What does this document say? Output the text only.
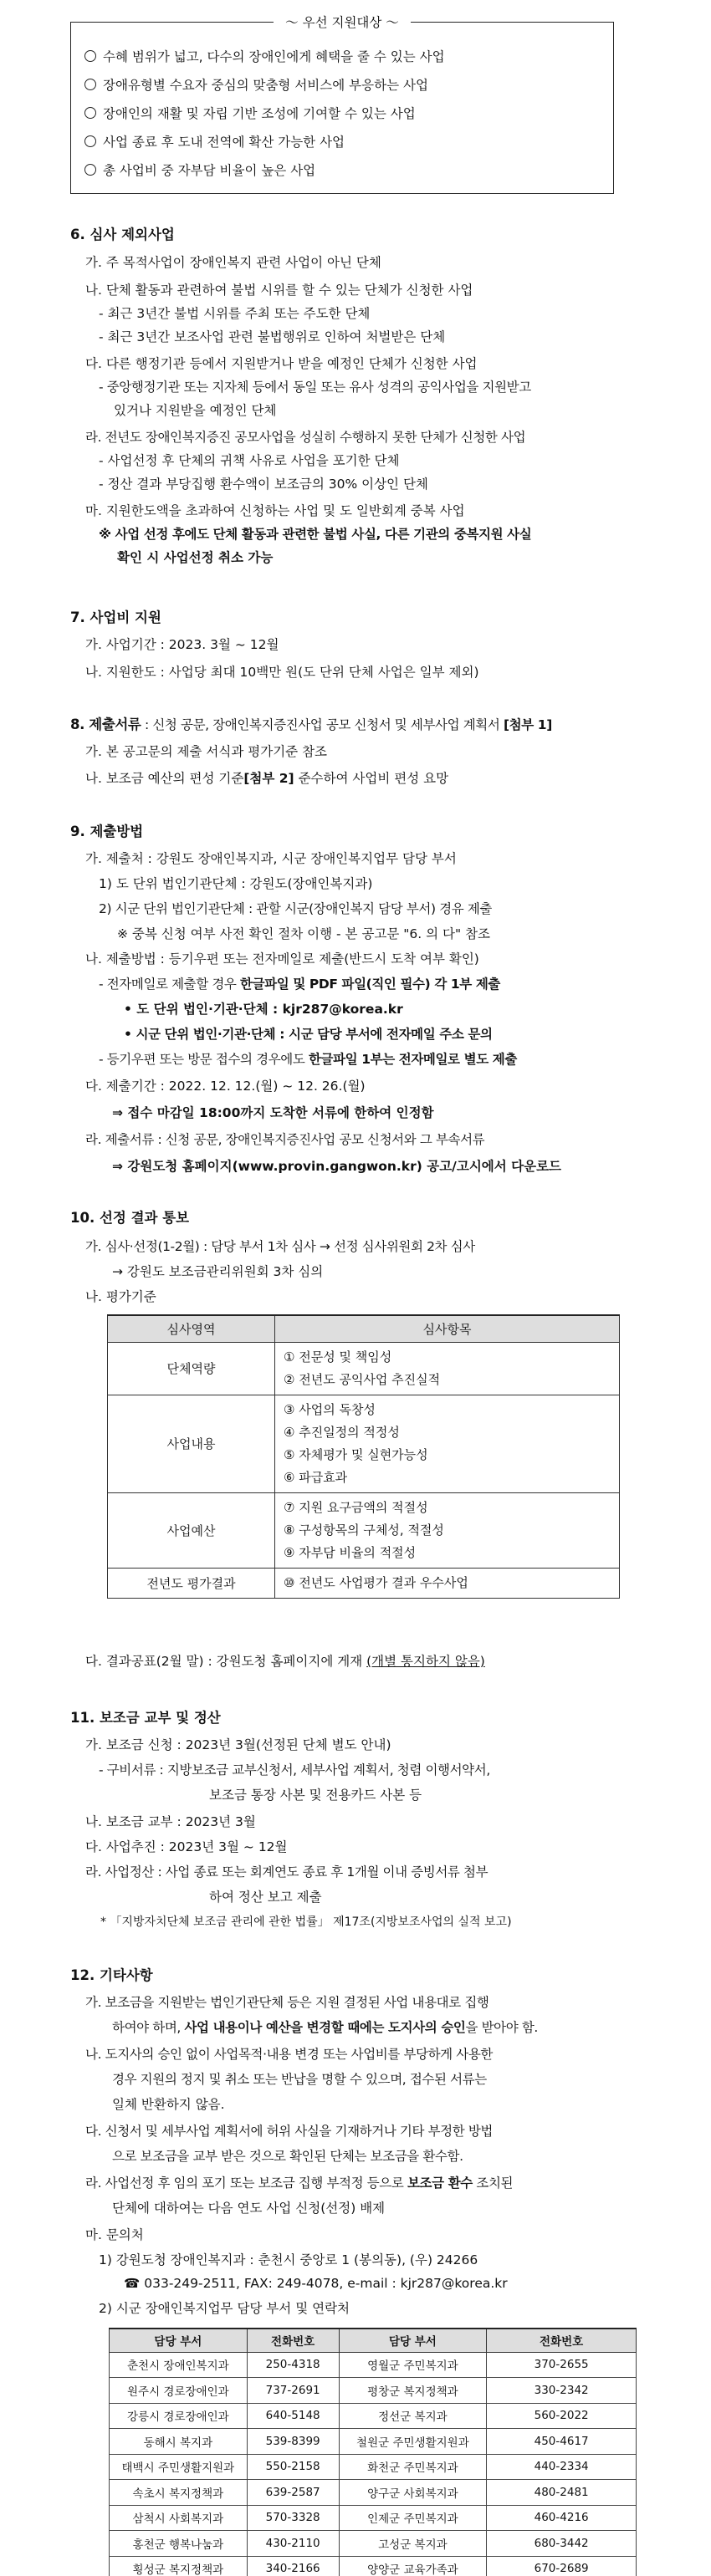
〜 우선 지원대상 〜
수혜 범위가 넓고, 다수의 장애인에게 혜택을 줄 수 있는 사업
장애유형별 수요자 중심의 맞춤형 서비스에 부응하는 사업
장애인의 재활 및 자립 기반 조성에 기여할 수 있는 사업
사업 종료 후 도내 전역에 확산 가능한 사업
총 사업비 중 자부담 비율이 높은 사업
6. 심사 제외사업
가. 주 목적사업이 장애인복지 관련 사업이 아닌 단체
나. 단체 활동과 관련하여 불법 시위를 할 수 있는 단체가 신청한 사업
- 최근 3년간 불법 시위를 주최 또는 주도한 단체
- 최근 3년간 보조사업 관련 불법행위로 인하여 처벌받은 단체
다. 다른 행정기관 등에서 지원받거나 받을 예정인 단체가 신청한 사업
- 중앙행정기관 또는 지자체 등에서 동일 또는 유사 성격의 공익사업을 지원받고
있거나 지원받을 예정인 단체
라. 전년도 장애인복지증진 공모사업을 성실히 수행하지 못한 단체가 신청한 사업
- 사업선정 후 단체의 귀책 사유로 사업을 포기한 단체
- 정산 결과 부당집행 환수액이 보조금의 30% 이상인 단체
마. 지원한도액을 초과하여 신청하는 사업 및 도 일반회계 중복 사업
※ 사업 선정 후에도 단체 활동과 관련한 불법 사실, 다른 기관의 중복지원 사실
확인 시 사업선정 취소 가능
7. 사업비 지원
가. 사업기간 : 2023. 3월 ~ 12월
나. 지원한도 : 사업당 최대 10백만 원(도 단위 단체 사업은 일부 제외)
8. 제출서류 : 신청 공문, 장애인복지증진사업 공모 신청서 및 세부사업 계획서 [첨부 1]
가. 본 공고문의 제출 서식과 평가기준 참조
나. 보조금 예산의 편성 기준[첨부 2] 준수하여 사업비 편성 요망
9. 제출방법
가. 제출처 : 강원도 장애인복지과, 시군 장애인복지업무 담당 부서
1) 도 단위 법인기관단체 : 강원도(장애인복지과)
2) 시군 단위 법인기관단체 : 관할 시군(장애인복지 담당 부서) 경유 제출
※ 중복 신청 여부 사전 확인 절차 이행 - 본 공고문 "6. 의 다" 참조
나. 제출방법 : 등기우편 또는 전자메일로 제출(반드시 도착 여부 확인)
- 전자메일로 제출할 경우 한글파일 및 PDF 파일(직인 필수) 각 1부 제출
• 도 단위 법인·기관·단체 : kjr287@korea.kr
• 시군 단위 법인·기관·단체 : 시군 담당 부서에 전자메일 주소 문의
- 등기우편 또는 방문 접수의 경우에도 한글파일 1부는 전자메일로 별도 제출
다. 제출기간 : 2022. 12. 12.(월) ~ 12. 26.(월)
⇒ 접수 마감일 18:00까지 도착한 서류에 한하여 인정함
라. 제출서류 : 신청 공문, 장애인복지증진사업 공모 신청서와 그 부속서류
⇒ 강원도청 홈페이지(www.provin.gangwon.kr) 공고/고시에서 다운로드
10. 선정 결과 통보
가. 심사·선정(1-2월) : 담당 부서 1차 심사 → 선정 심사위원회 2차 심사
→ 강원도 보조금관리위원회 3차 심의
나. 평가기준
심사영역	심사항목
단체역량	① 전문성 및 책임성
② 전년도 공익사업 추진실적

사업내용	③ 사업의 독창성
④ 추진일정의 적정성
⑤ 자체평가 및 실현가능성
⑥ 파급효과

사업예산	⑦ 지원 요구금액의 적절성
⑧ 구성항목의 구체성, 적절성
⑨ 자부담 비율의 적절성

전년도 평가결과	⑩ 전년도 사업평가 결과 우수사업
다. 결과공표(2월 말) : 강원도청 홈페이지에 게재 (개별 통지하지 않음)
11. 보조금 교부 및 정산
가. 보조금 신청 : 2023년 3월(선정된 단체 별도 안내)
- 구비서류 : 지방보조금 교부신청서, 세부사업 계획서, 청렴 이행서약서,
보조금 통장 사본 및 전용카드 사본 등
나. 보조금 교부 : 2023년 3월
다. 사업추진 : 2023년 3월 ~ 12월
라. 사업정산 : 사업 종료 또는 회계연도 종료 후 1개월 이내 증빙서류 첨부
하여 정산 보고 제출
* 「지방자치단체 보조금 관리에 관한 법률」 제17조(지방보조사업의 실적 보고)
12. 기타사항
가. 보조금을 지원받는 법인기관단체 등은 지원 결정된 사업 내용대로 집행
하여야 하며, 사업 내용이나 예산을 변경할 때에는 도지사의 승인을 받아야 함.
나. 도지사의 승인 없이 사업목적·내용 변경 또는 사업비를 부당하게 사용한
경우 지원의 정지 및 취소 또는 반납을 명할 수 있으며, 접수된 서류는
일체 반환하지 않음.
다. 신청서 및 세부사업 계획서에 허위 사실을 기재하거나 기타 부정한 방법
으로 보조금을 교부 받은 것으로 확인된 단체는 보조금을 환수함.
라. 사업선정 후 임의 포기 또는 보조금 집행 부적정 등으로 보조금 환수 조치된
단체에 대하여는 다음 연도 사업 신청(선정) 배제
마. 문의처
1) 강원도청 장애인복지과 : 춘천시 중앙로 1 (봉의동), (우) 24266
☎ 033-249-2511, FAX: 249-4078, e-mail : kjr287@korea.kr
2) 시군 장애인복지업무 담당 부서 및 연락처
담당 부서	전화번호	담당 부서	전화번호
춘천시 장애인복지과	250-4318	영월군 주민복지과	370-2655
원주시 경로장애인과	737-2691	평창군 복지정책과	330-2342
강릉시 경로장애인과	640-5148	정선군 복지과	560-2022
동해시 복지과	539-8399	철원군 주민생활지원과	450-4617
태백시 주민생활지원과	550-2158	화천군 주민복지과	440-2334
속초시 복지정책과	639-2587	양구군 사회복지과	480-2481
삼척시 사회복지과	570-3328	인제군 주민복지과	460-4216
홍천군 행복나눔과	430-2110	고성군 복지과	680-3442
횡성군 복지정책과	340-2166	양양군 교육가족과	670-2689
